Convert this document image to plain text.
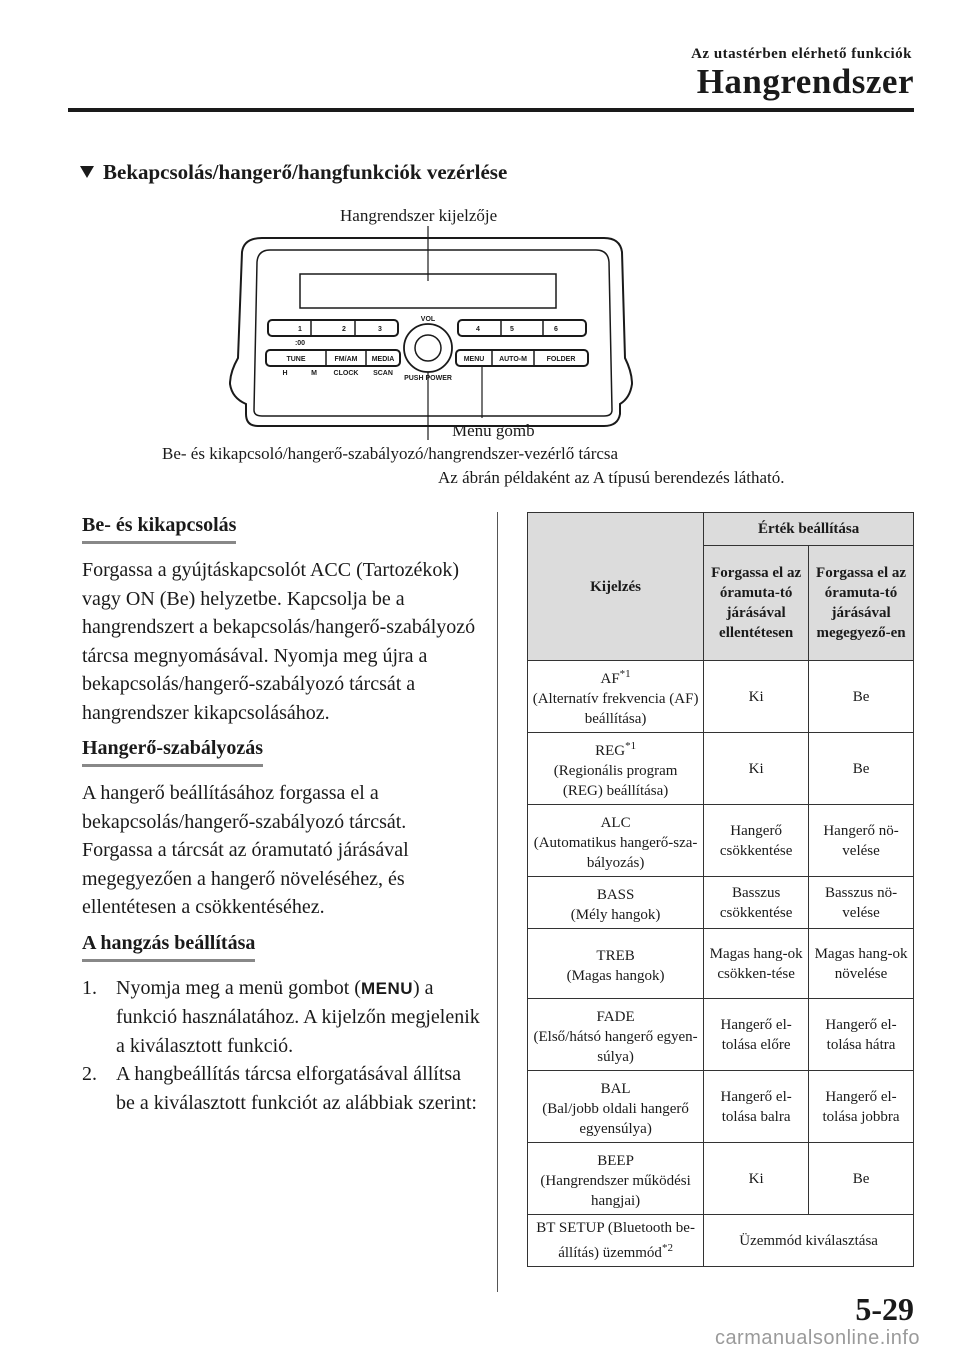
Az utastérben elérhető funkciók
Hangrendszer
Bekapcsolás/hangerő/hangfunkciók vezérlése
Hangrendszer kijelzője
Menü gomb
Be- és kikapcsoló/hangerő-szabályozó/hangrendszer-vezérlő tárcsa
Az ábrán példaként az A típusú berendezés látható.
1	2	3	4	5	6
:00
TUNE	FM/AM MEDIA	MENU AUTO-M	FOLDER
H	M CLOCK SCAN
VOL
PUSH POWER
Be- és kikapcsolás

Forgassa a gyújtáskapcsolót ACC (Tartozékok) vagy ON (Be) helyzetbe. Kapcsolja be a hangrendszert a bekapcsolás/hangerő-szabályozó tárcsa megnyomásával. Nyomja meg újra a bekapcsolás/hangerő-szabályozó tárcsát a hangrendszer kikapcsolásához.

Hangerő-szabályozás

A hangerő beállításához forgassa el a bekapcsolás/hangerő-szabályozó tárcsát. Forgassa a tárcsát az óramutató járásával megegyezően a hangerő növeléséhez, és ellentétesen a csökkentéséhez.

A hangzás beállítása
1. Nyomja meg a menü gombot (MENU) a funkció használatához. A kijelzőn megjelenik a kiválasztott funkció.
2. A hangbeállítás tárcsa elforgatásával állítsa be a kiválasztott funkciót az alábbiak szerint:
Kijelzés	Érték beállítása	
	Forgassa el az óramuta-tó járásával ellentétesen	Forgassa el az óramuta-tó járásával megegyező-en
AF$^{*1}$
(Alternatív frekvencia (AF) beállítása)	Ki	Be
REG$^{*1}$
(Regionális program (REG) beállítása)	Ki	Be
ALC
(Automatikus hangerő-sza-bályozás)	Hangerő csökkentése	Hangerő nö-velése
BASS
(Mély hangok)	Basszus csökkentése	Basszus nö-velése
TREB
(Magas hangok)	Magas hang-ok csökken-tése	Magas hang-ok növelése
FADE
(Első/hátsó hangerő egyen-súlya)	Hangerő el-tolása előre	Hangerő el-tolása hátra
BAL
(Bal/jobb oldali hangerő egyensúlya)	Hangerő el-tolása balra	Hangerő el-tolása jobbra
BEEP
(Hangrendszer működési hangjai)	Ki	Be
BT SETUP (Bluetooth be-állítás) üzemmód$^{*2}$	Üzemmód kiválasztása	
5-29
carmanualsonline.info
